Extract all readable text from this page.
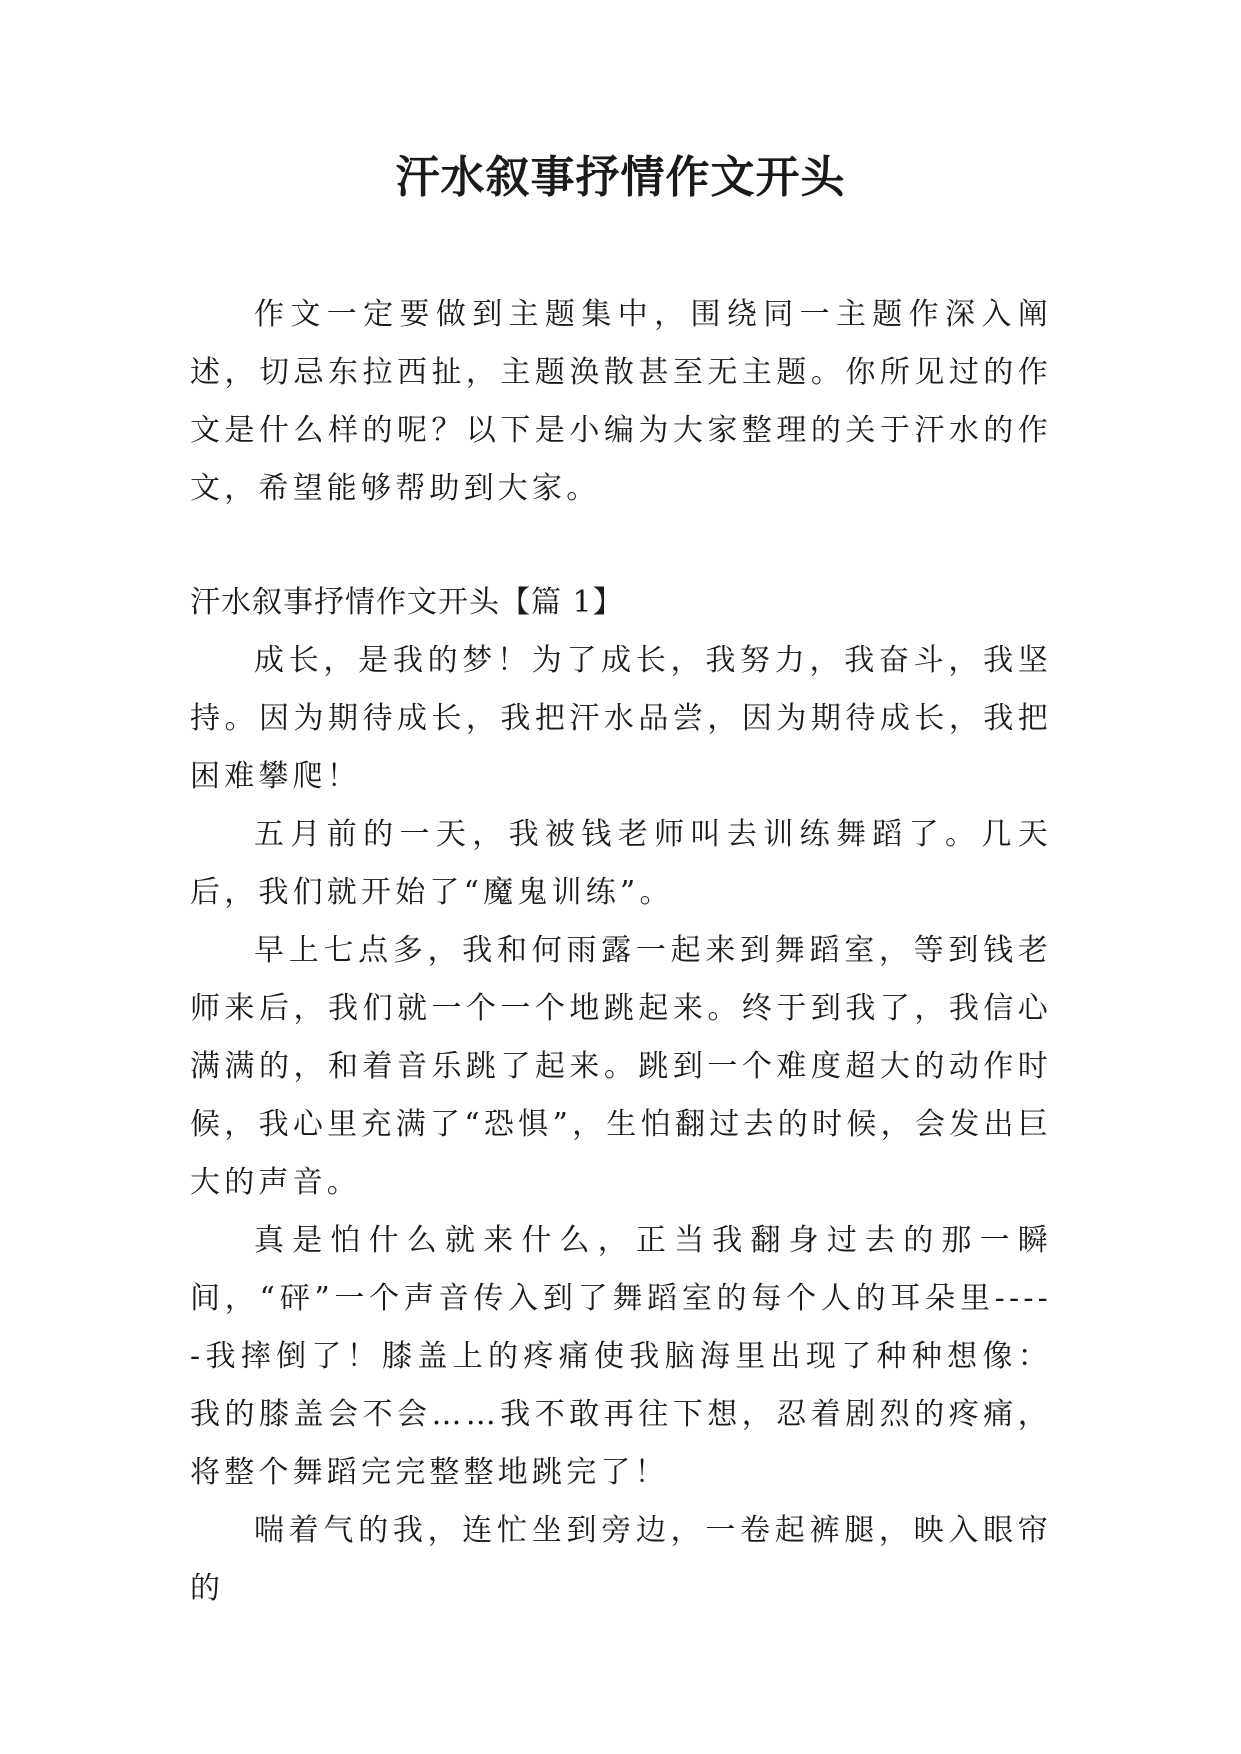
汗水叙事抒情作文开头

作文一定要做到主题集中，围绕同一主题作深入阐述，切忌东拉西扯，主题涣散甚至无主题。你所见过的作文是什么样的呢？以下是小编为大家整理的关于汗水的作文，希望能够帮助到大家。

汗水叙事抒情作文开头【篇 1】

成长，是我的梦！为了成长，我努力，我奋斗，我坚持。因为期待成长，我把汗水品尝，因为期待成长，我把困难攀爬！

五月前的一天，我被钱老师叫去训练舞蹈了。几天后，我们就开始了“魔鬼训练”。

早上七点多，我和何雨露一起来到舞蹈室，等到钱老师来后，我们就一个一个地跳起来。终于到我了，我信心满满的，和着音乐跳了起来。跳到一个难度超大的动作时候，我心里充满了“恐惧”，生怕翻过去的时候，会发出巨大的声音。

真是怕什么就来什么，正当我翻身过去的那一瞬间，“砰”一个声音传入到了舞蹈室的每个人的耳朵里-----我摔倒了！膝盖上的疼痛使我脑海里出现了种种想像：我的膝盖会不会……我不敢再往下想，忍着剧烈的疼痛，将整个舞蹈完完整整地跳完了！

喘着气的我，连忙坐到旁边，一卷起裤腿，映入眼帘的
